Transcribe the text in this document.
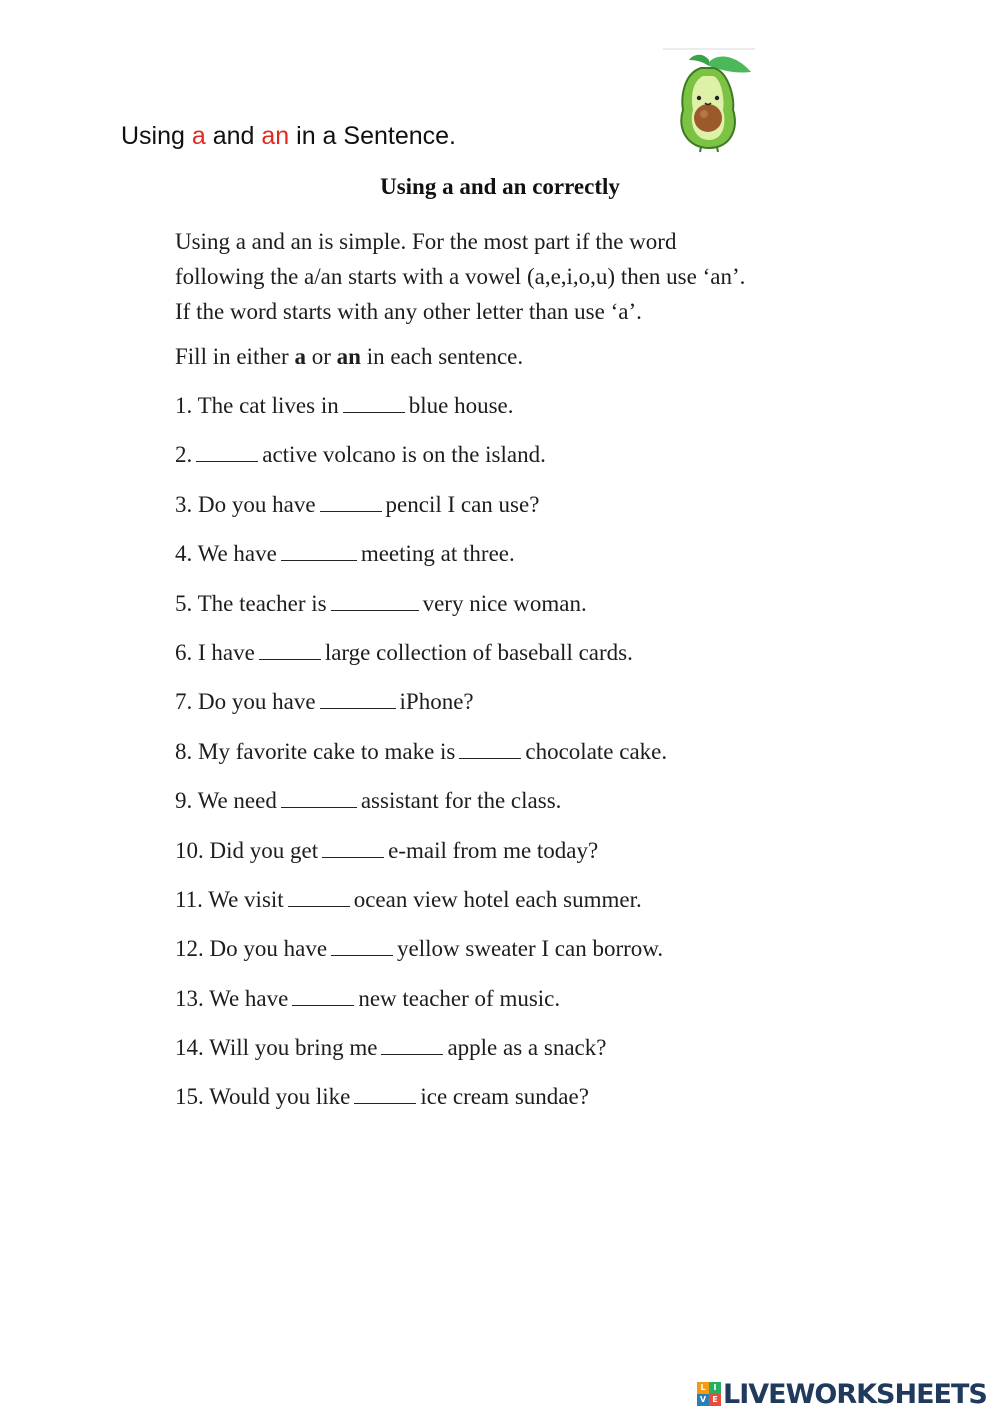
Using a and an in a Sentence.
Using a and an correctly
Using a and an is simple. For the most part if the word
following the a/an starts with a vowel (a,e,i,o,u) then use ‘an’.
If the word starts with any other letter than use ‘a’.
Fill in either a or an in each sentence.
1. The cat lives in	blue house.
2.	active volcano is on the island.
3. Do you have	pencil I can use?
4. We have	meeting at three.
5. The teacher is	very nice woman.
6. I have	large collection of baseball cards.
7. Do you have	iPhone?
8. My favorite cake to make is	chocolate cake.
9. We need	assistant for the class.
10. Did you get	e-mail from me today?
11. We visit	ocean view hotel each summer.
12. Do you have	yellow sweater I can borrow.
13. We have	new teacher of music.
14. Will you bring me	apple as a snack?
15. Would you like	ice cream sundae?
L I
V E LIVEWORKSHEETS
